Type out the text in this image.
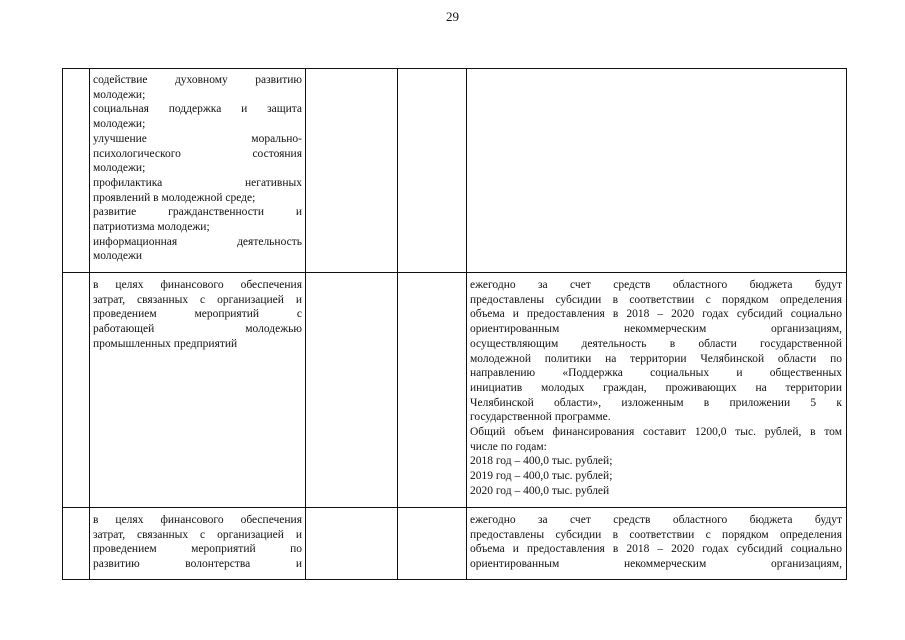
29
содействие духовному развитию
молодежи;
социальная поддержка и защита
молодежи;
улучшение морально-
психологического состояния
молодежи;
профилактика негативных
проявлений в молодежной среде;
развитие гражданственности и
патриотизма молодежи;
информационная деятельность
молодежи
в целях финансового обеспечения
затрат, связанных с организацией и
проведением мероприятий с
работающей молодежью
промышленных предприятий
ежегодно за счет средств областного бюджета будут
предоставлены субсидии в соответствии с порядком определения
объема и предоставления в 2018 – 2020 годах субсидий социально
ориентированным некоммерческим организациям,
осуществляющим деятельность в области государственной
молодежной политики на территории Челябинской области по
направлению «Поддержка социальных и общественных
инициатив молодых граждан, проживающих на территории
Челябинской области», изложенным в приложении 5 к
государственной программе.
Общий объем финансирования составит 1200,0 тыс. рублей, в том
числе по годам:
2018 год – 400,0 тыс. рублей;
2019 год – 400,0 тыс. рублей;
2020 год – 400,0 тыс. рублей
в целях финансового обеспечения
затрат, связанных с организацией и
проведением мероприятий по
развитию волонтерства и
ежегодно за счет средств областного бюджета будут
предоставлены субсидии в соответствии с порядком определения
объема и предоставления в 2018 – 2020 годах субсидий социально
ориентированным некоммерческим организациям,
